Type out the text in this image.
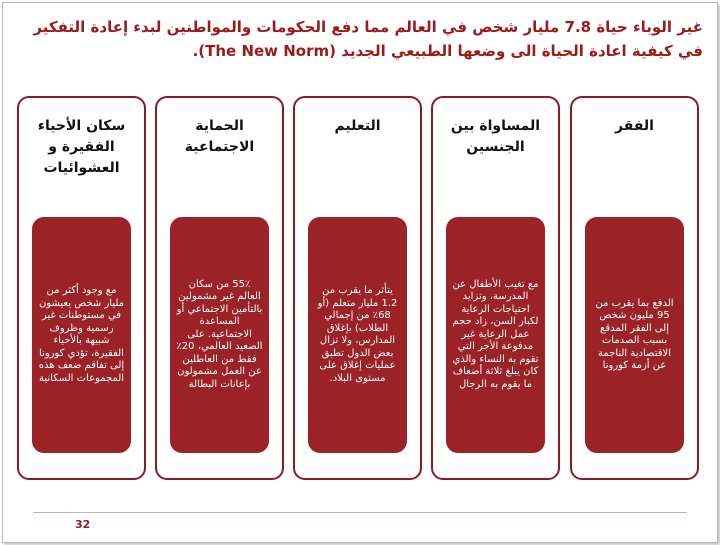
غير الوباء حياة 7.8 مليار شخص في العالم مما دفع الحكومات والمواطنين لبدء إعادة التفكير في كيفية اعادة الحياة الى وضعها الطبيعي الجديد (The New Norm).
الفقر
الدفع بما يقرب من 95 مليون شخص إلى الفقر المدقع بسبب الصدمات الاقتصادية الناجمة عن أزمة كورونا
المساواة بين الجنسين
مع تغيب الأطفال عن المدرسة، وتزايد احتياجات الرعاية لكبار السن، زاد حجم عمل الرعاية غير مدفوعة الأجر التي تقوم به النساء والذي كان يبلغ ثلاثة أضعاف ما يقوم به الرجال
التعليم
يتأثر ما يقرب من 1.2 مليار متعلم (أو 68٪ من إجمالي الطلاب) بإغلاق المدارس، ولا تزال بعض الدول تطبق عمليات إغلاق على مستوى البلاد.
الحماية الاجتماعية
55٪ من سكان العالم غير مشمولين بالتأمين الاجتماعي أو المساعدة الاجتماعية. على الصعيد العالمي، 20٪ فقط من العاطلين عن العمل مشمولون بإعانات البطالة
سكان الأحياء الفقيرة و العشوائيات
مع وجود أكثر من مليار شخص يعيشون في مستوطنات غير رسمية وظروف شبيهة بالأحياء الفقيرة، تؤدي كورونا إلى تفاقم ضعف هذه المجموعات السكانية
32
